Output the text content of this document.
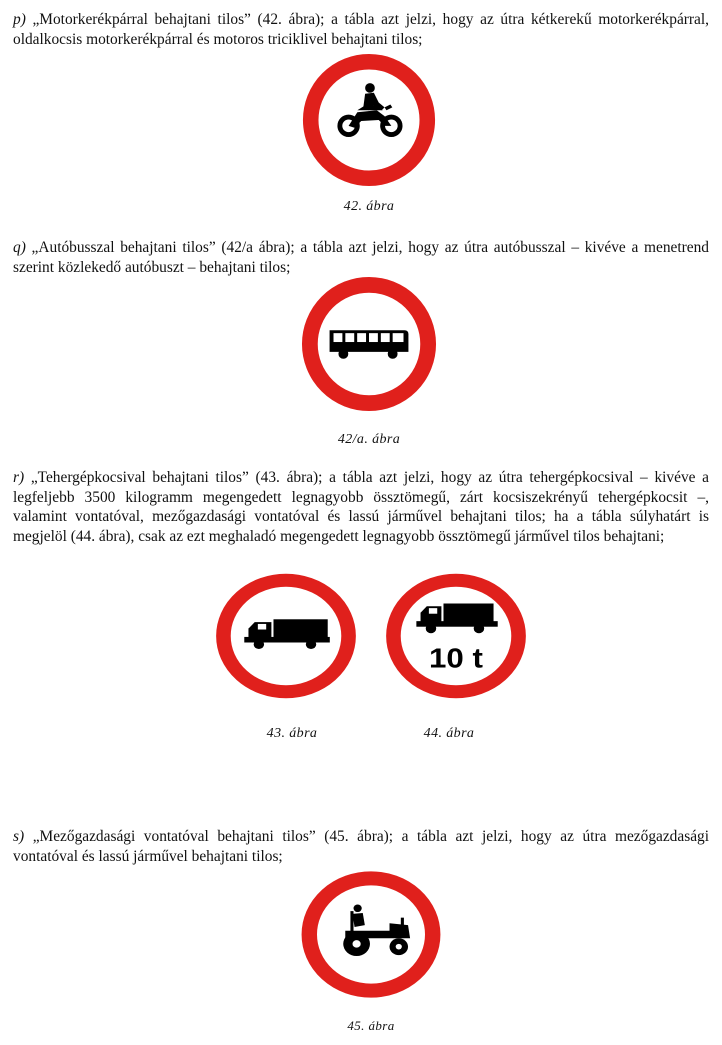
p) „Motorkerékpárral behajtani tilos” (42. ábra); a tábla azt jelzi, hogy az útra kétkerekű motorkerékpárral, oldalkocsis motorkerékpárral és motoros triciklivel behajtani tilos;

42. ábra

q) „Autóbusszal behajtani tilos” (42/a ábra); a tábla azt jelzi, hogy az útra autóbusszal – kivéve a menetrend szerint közlekedő autóbuszt – behajtani tilos;

42/a. ábra

r) „Tehergépkocsival behajtani tilos” (43. ábra); a tábla azt jelzi, hogy az útra tehergépkocsival – kivéve a legfeljebb 3500 kilogramm megengedett legnagyobb össztömegű, zárt kocsiszekrényű tehergépkocsit –, valamint vontatóval, mezőgazdasági vontatóval és lassú járművel behajtani tilos; ha a tábla súlyhatárt is megjelöl (44. ábra), csak az ezt meghaladó megengedett legnagyobb össztömegű járművel tilos behajtani;

10 t
43. ábra	44. ábra

s) „Mezőgazdasági vontatóval behajtani tilos” (45. ábra); a tábla azt jelzi, hogy az útra mezőgazdasági vontatóval és lassú járművel behajtani tilos;

45. ábra
